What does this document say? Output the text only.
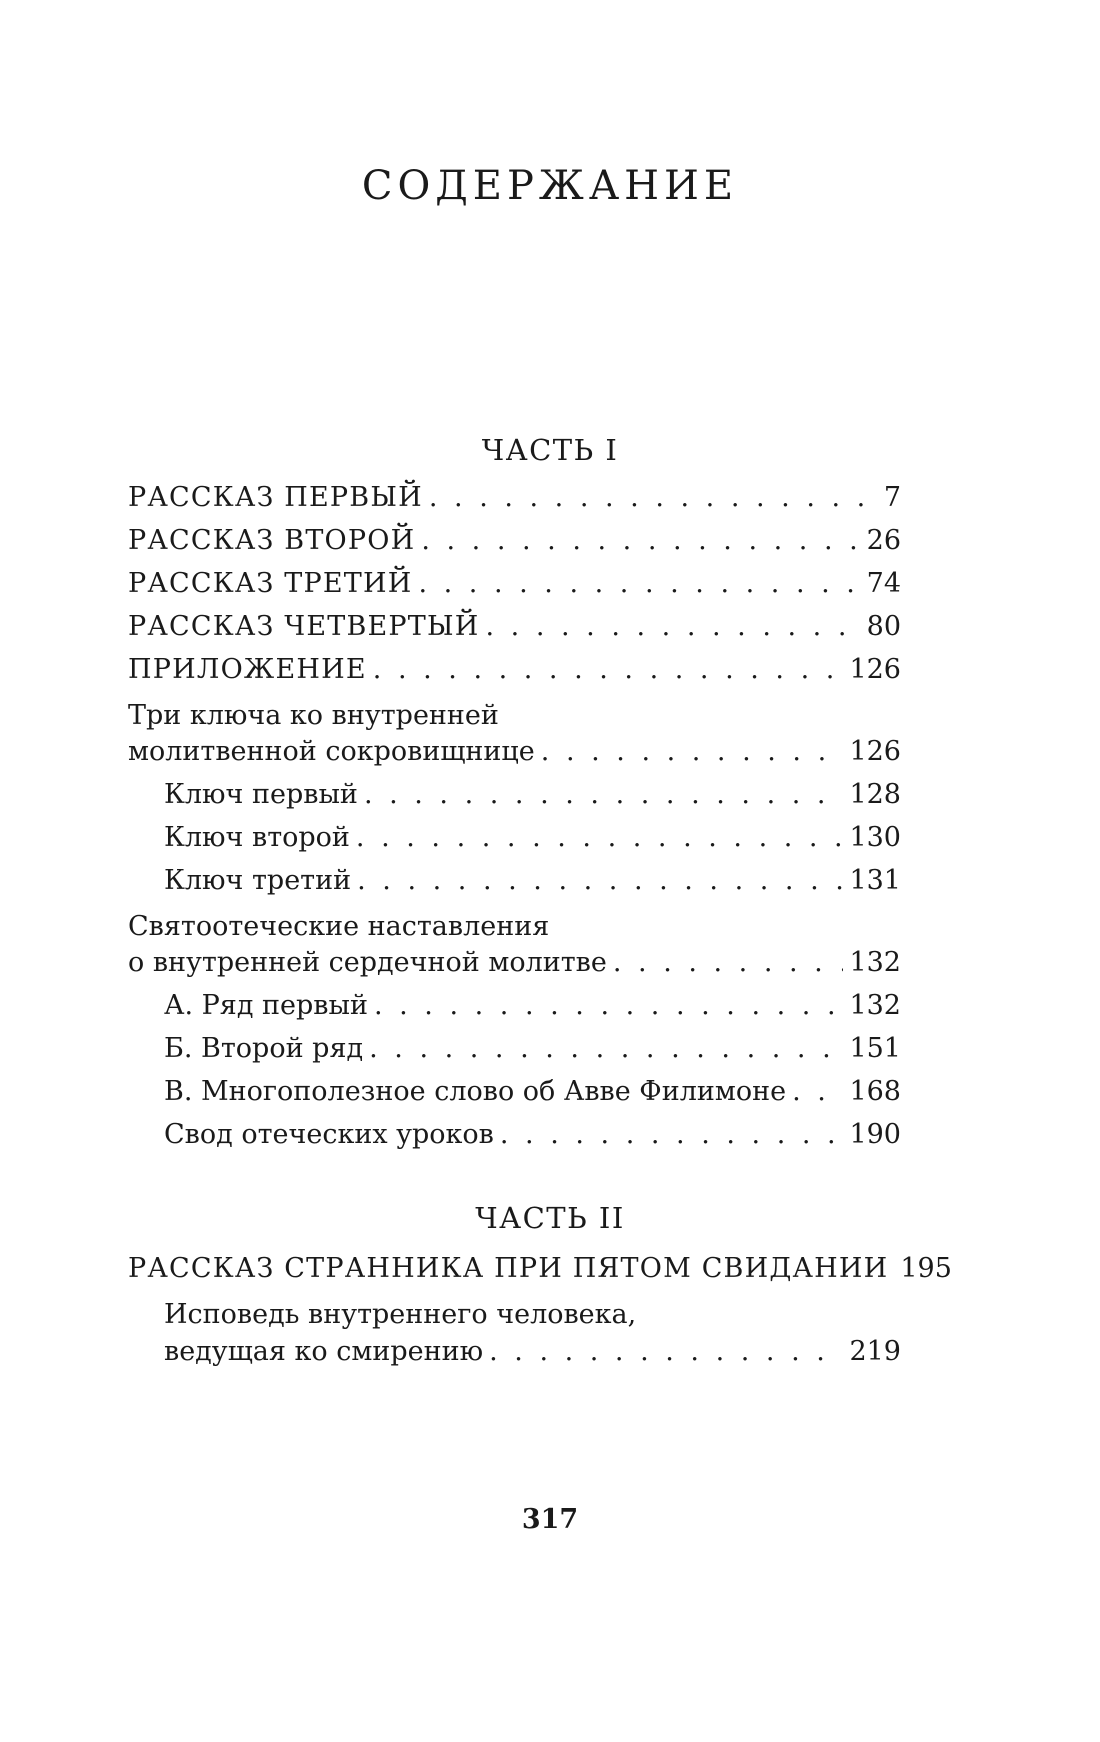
СОДЕРЖАНИЕ
ЧАСТЬ I
РАССКАЗ ПЕРВЫЙ . . .	7
РАССКАЗ ВТОРОЙ . . .	26
РАССКАЗ ТРЕТИЙ . . .	74
РАССКАЗ ЧЕТВЕРТЫЙ . . .	80
ПРИЛОЖЕНИЕ . . .	126
Три ключа ко внутренней
молитвенной сокровищнице . . .	126
Ключ первый . . .	128
Ключ второй . . .	130
Ключ третий . . .	131
Святоотеческие наставления
о внутренней сердечной молитве . . .	132
А. Ряд первый . . .	132
Б. Второй ряд . . .	151
В. Многополезное слово об Авве Филимоне . . . 168
Свод отеческих уроков . . .	190
ЧАСТЬ II
РАССКАЗ СТРАННИКА ПРИ ПЯТОМ СВИДАНИИ 195
Исповедь внутреннего человека,
ведущая ко смирению . . .	219
317
